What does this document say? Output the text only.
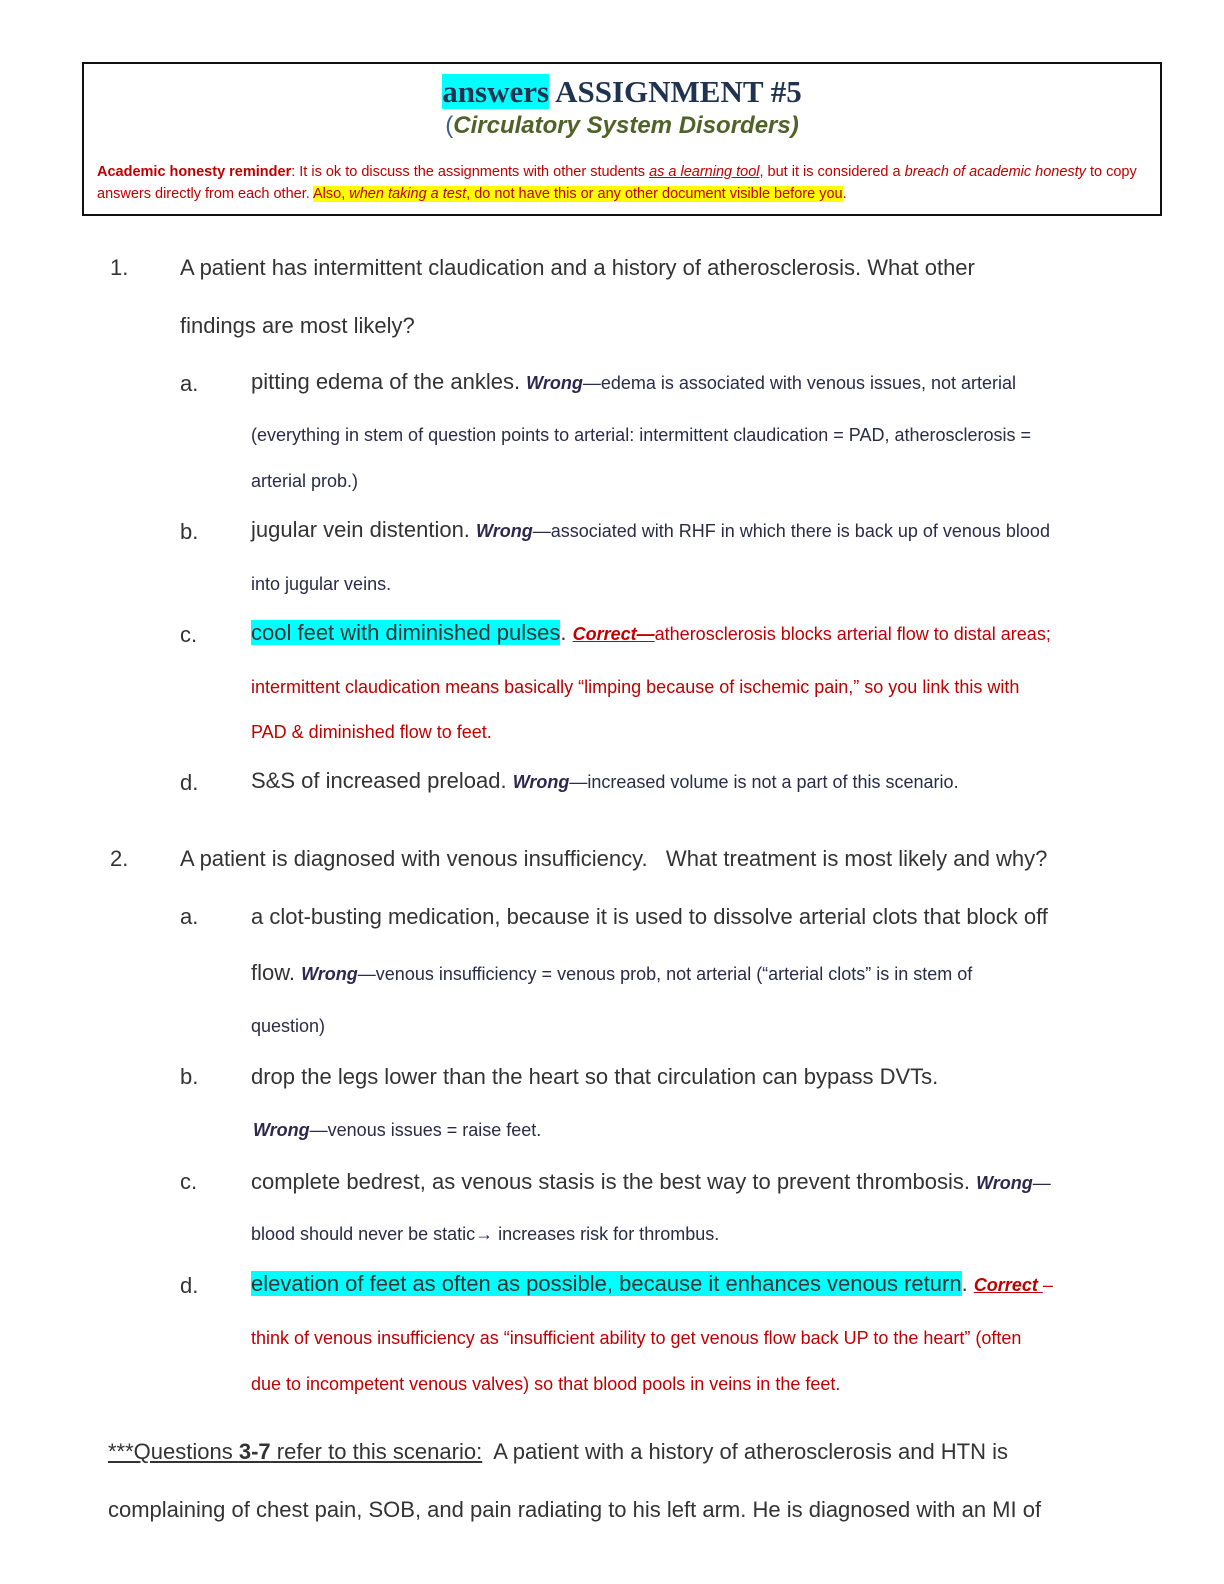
answers ASSIGNMENT #5
(Circulatory System Disorders)
Academic honesty reminder: It is ok to discuss the assignments with other students as a learning tool, but it is considered a breach of academic honesty to copy answers directly from each other. Also, when taking a test, do not have this or any other document visible before you.
1. A patient has intermittent claudication and a history of atherosclerosis. What other
findings are most likely?
a. pitting edema of the ankles. Wrong—edema is associated with venous issues, not arterial
(everything in stem of question points to arterial: intermittent claudication = PAD, atherosclerosis =
arterial prob.)
b. jugular vein distention. Wrong—associated with RHF in which there is back up of venous blood
into jugular veins.
c. cool feet with diminished pulses. Correct—atherosclerosis blocks arterial flow to distal areas;
intermittent claudication means basically “limping because of ischemic pain,” so you link this with
PAD & diminished flow to feet.
d. S&S of increased preload. Wrong—increased volume is not a part of this scenario.
2. A patient is diagnosed with venous insufficiency.   What treatment is most likely and why?
a. a clot-busting medication, because it is used to dissolve arterial clots that block off
flow. Wrong—venous insufficiency = venous prob, not arterial (“arterial clots” is in stem of
question)
b. drop the legs lower than the heart so that circulation can bypass DVTs.
Wrong—venous issues = raise feet.
c. complete bedrest, as venous stasis is the best way to prevent thrombosis. Wrong—
blood should never be static→ increases risk for thrombus.
d. elevation of feet as often as possible, because it enhances venous return. Correct –
think of venous insufficiency as “insufficient ability to get venous flow back UP to the heart” (often
due to incompetent venous valves) so that blood pools in veins in the feet.
***Questions 3-7 refer to this scenario:  A patient with a history of atherosclerosis and HTN is
complaining of chest pain, SOB, and pain radiating to his left arm. He is diagnosed with an MI of
